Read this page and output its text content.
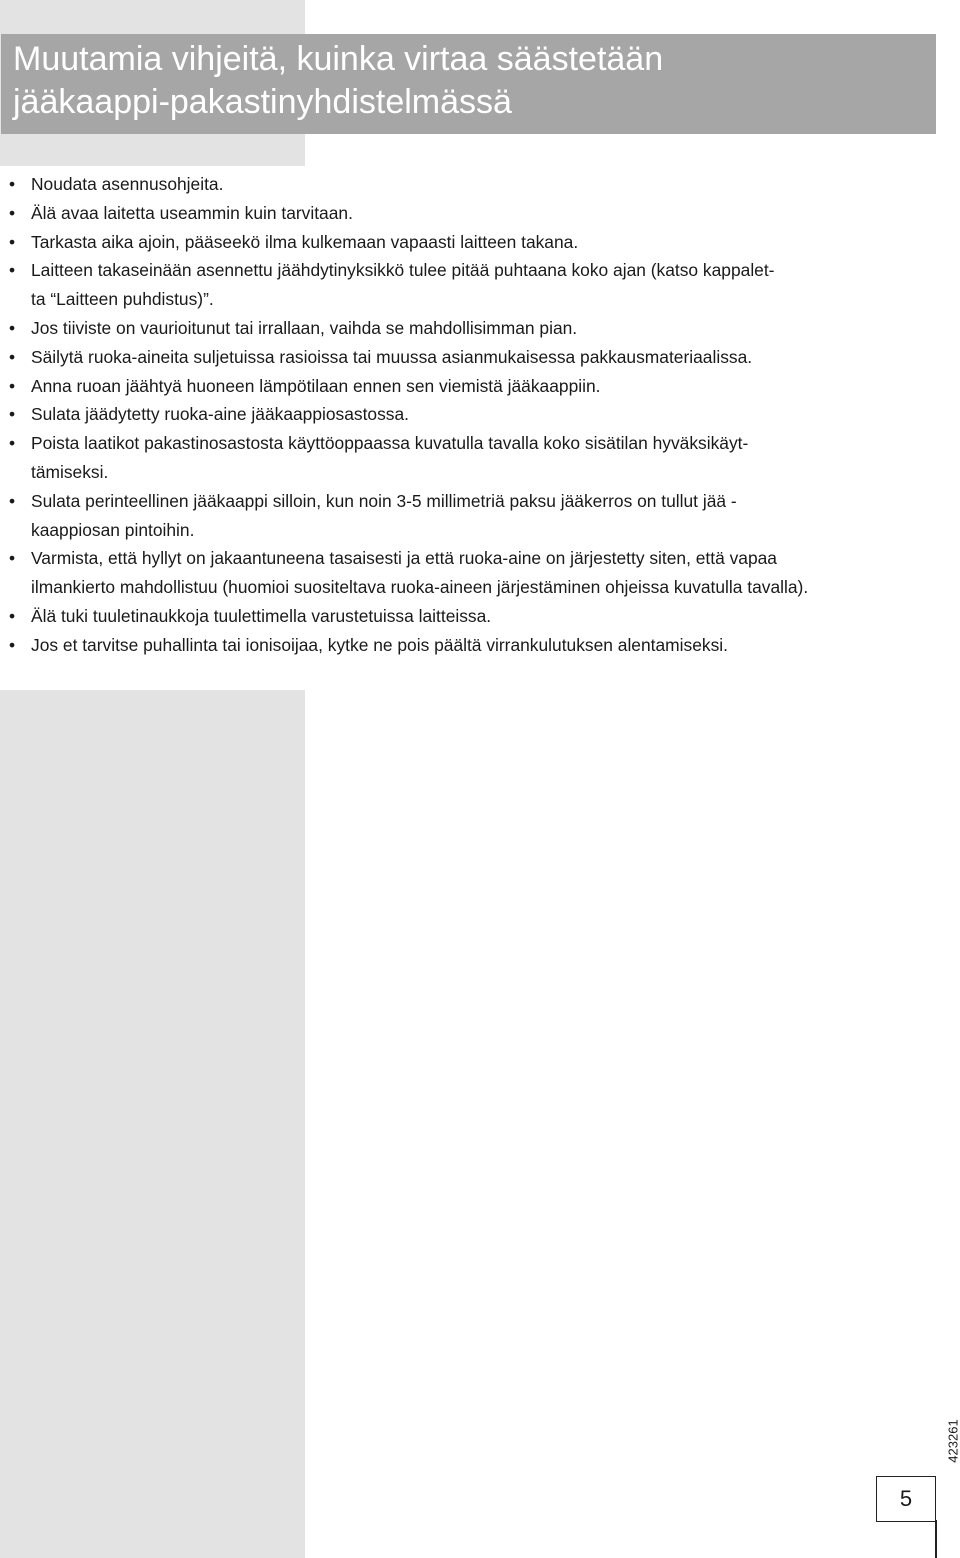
Muutamia vihjeitä, kuinka virtaa säästetään
jääkaappi-pakastinyhdistelmässä
• Noudata asennusohjeita.
• Älä avaa laitetta useammin kuin tarvitaan.
• Tarkasta aika ajoin, pääseekö ilma kulkemaan vapaasti laitteen takana.
• Laitteen takaseinään asennettu jäähdytinyksikkö tulee pitää puhtaana koko ajan (katso kappalet-
ta “Laitteen puhdistus)”.
• Jos tiiviste on vaurioitunut tai irrallaan, vaihda se mahdollisimman pian.
• Säilytä ruoka-aineita suljetuissa rasioissa tai muussa asianmukaisessa pakkausmateriaalissa.
• Anna ruoan jäähtyä huoneen lämpötilaan ennen sen viemistä jääkaappiin.
• Sulata jäädytetty ruoka-aine jääkaappiosastossa.
• Poista laatikot pakastinosastosta käyttöoppaassa kuvatulla tavalla koko sisätilan hyväksikäyt-
tämiseksi.
• Sulata perinteellinen jääkaappi silloin, kun noin 3-5 millimetriä paksu jääkerros on tullut jää -
kaappiosan pintoihin.
• Varmista, että hyllyt on jakaantuneena tasaisesti ja että ruoka-aine on järjestetty siten, että vapaa
ilmankierto mahdollistuu (huomioi suositeltava ruoka-aineen järjestäminen ohjeissa kuvatulla tavalla).
• Älä tuki tuuletinaukkoja tuulettimella varustetuissa laitteissa.
• Jos et tarvitse puhallinta tai ionisoijaa, kytke ne pois päältä virrankulutuksen alentamiseksi.
5
423261
